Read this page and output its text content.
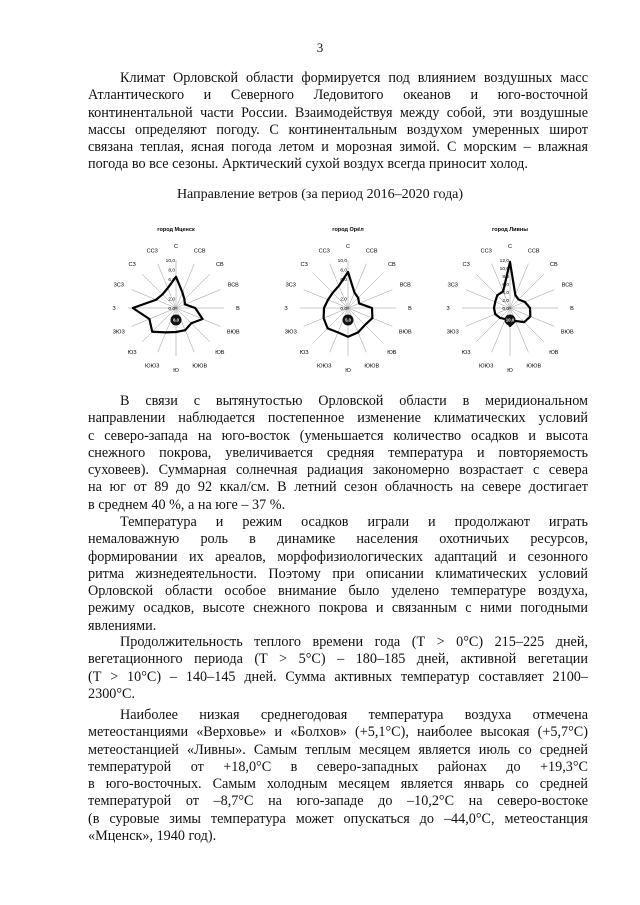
3
Климат Орловской области формируется под влиянием воздушных масс
Атлантического и Северного Ледовитого океанов и юго-восточной
континентальной части России. Взаимодействуя между собой, эти воздушные
массы определяют погоду. С континентальным воздухом умеренных широт
связана теплая, ясная погода летом и морозная зимой. С морским – влажная
погода во все сезоны. Арктический сухой воздух всегда приносит холод.
Направление ветров (за период 2016–2020 года)
город Мценск
С
ССВ
СВ
ВСВ
В
ВЮВ
ЮВ
ЮЮВ
Ю
ЮЮЗ
ЮЗ
ЗЮЗ
З
ЗСЗ
СЗ
ССЗ
10,0
8,0
6,0
2,0
0,0
6,0
город Орёл
С
ССВ
СВ
ВСВ
В
ВЮВ
ЮВ
ЮЮВ
Ю
ЮЮЗ
ЮЗ
ЗЮЗ
З
ЗСЗ
СЗ
ССЗ
10,0
8,0
6,0
2,0
0,0
5,0
город Ливны
С
ССВ
СВ
ВСВ
В
ВЮВ
ЮВ
ЮЮВ
Ю
ЮЮЗ
ЮЗ
ЗЮЗ
З
ЗСЗ
СЗ
ССЗ
12,0
10,0
8,0
6,0
4,0
2,0
0,0
10,0
В связи с вытянутостью Орловской области в меридиональном
направлении наблюдается постепенное изменение климатических условий
с северо-запада на юго-восток (уменьшается количество осадков и высота
снежного покрова, увеличивается средняя температура и повторяемость
суховеев). Суммарная солнечная радиация закономерно возрастает с севера
на юг от 89 до 92 ккал/см. В летний сезон облачность на севере достигает
в среднем 40 %, а на юге – 37 %.
Температура и режим осадков играли и продолжают играть
немаловажную роль в динамике населения охотничьих ресурсов,
формировании их ареалов, морфофизиологических адаптаций и сезонного
ритма жизнедеятельности. Поэтому при описании климатических условий
Орловской области особое внимание было уделено температуре воздуха,
режиму осадков, высоте снежного покрова и связанным с ними погодными
явлениями.
Продолжительность теплого времени года (Т > 0°С) 215–225 дней,
вегетационного периода (Т > 5°С) – 180–185 дней, активной вегетации
(Т > 10°С) – 140–145 дней. Сумма активных температур составляет 2100–
2300°С.
Наиболее низкая среднегодовая температура воздуха отмечена
метеостанциями «Верховье» и «Болхов» (+5,1°С), наиболее высокая (+5,7°С)
метеостанцией «Ливны». Самым теплым месяцем является июль со средней
температурой от +18,0°С в северо-западных районах до +19,3°С
в юго-восточных. Самым холодным месяцем является январь со средней
температурой от –8,7°С на юго-западе до –10,2°С на северо-востоке
(в суровые зимы температура может опускаться до –44,0°С, метеостанция
«Мценск», 1940 год).
